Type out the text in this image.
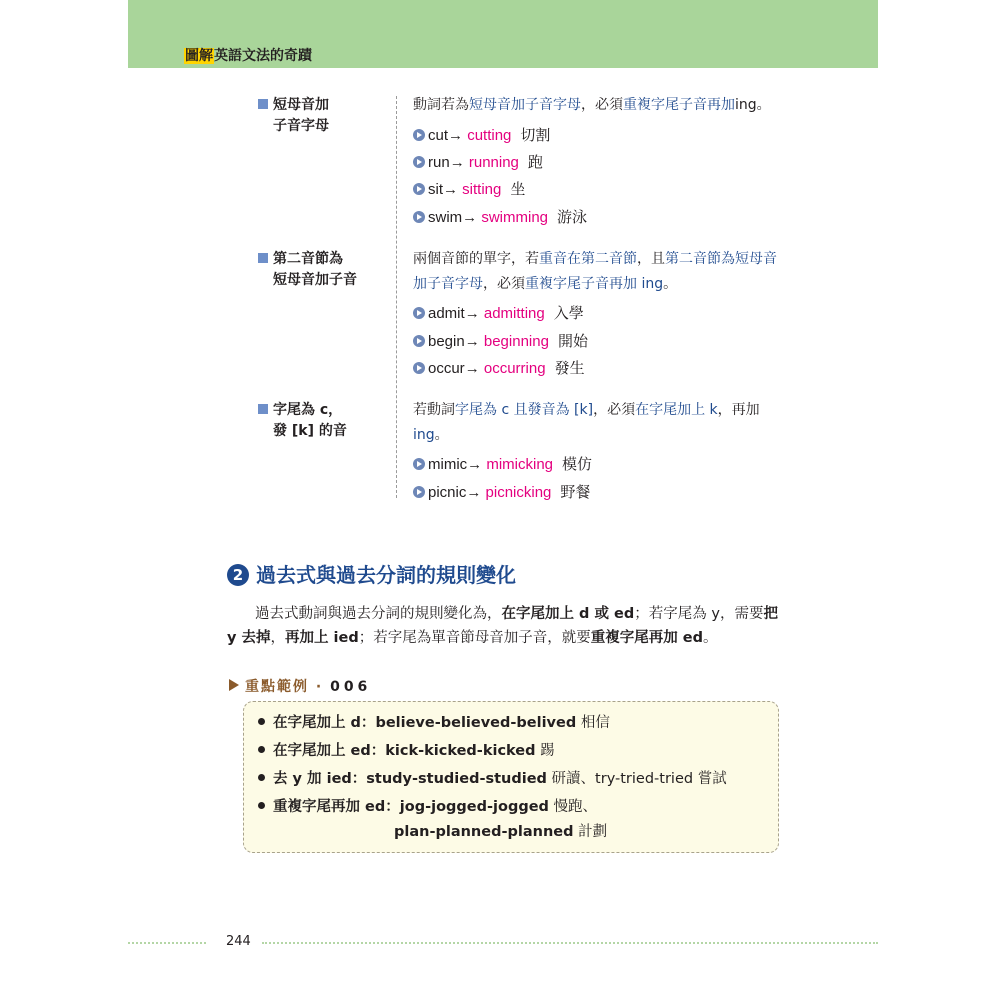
圖解英語文法的奇蹟
短母音加
子音字母
動詞若為短母音加子音字母，必須重複字尾子音再加ing。
cut→ cutting 切割
run→ running 跑
sit→ sitting 坐
swim→ swimming 游泳
第二音節為
短母音加子音
兩個音節的單字，若重音在第二音節，且第二音節為短母音加子音字母，必須重複字尾子音再加 ing。
admit→ admitting 入學
begin→ beginning 開始
occur→ occurring 發生
字尾為 c，
發 [k] 的音
若動詞字尾為 c 且發音為 [k]，必須在字尾加上 k，再加ing。
mimic→ mimicking 模仿
picnic→ picnicking 野餐
2 過去式與過去分詞的規則變化
過去式動詞與過去分詞的規則變化為，在字尾加上 d 或 ed；若字尾為 y，需要把 y 去掉，再加上 ied；若字尾為單音節母音加子音，就要重複字尾再加 ed。
重點範例 · 006
在字尾加上 d：believe-believed-belived 相信
在字尾加上 ed：kick-kicked-kicked 踢
去 y 加 ied：study-studied-studied 研讀、try-tried-tried 嘗試
重複字尾再加 ed：jog-jogged-jogged 慢跑、
plan-planned-planned 計劃
244
